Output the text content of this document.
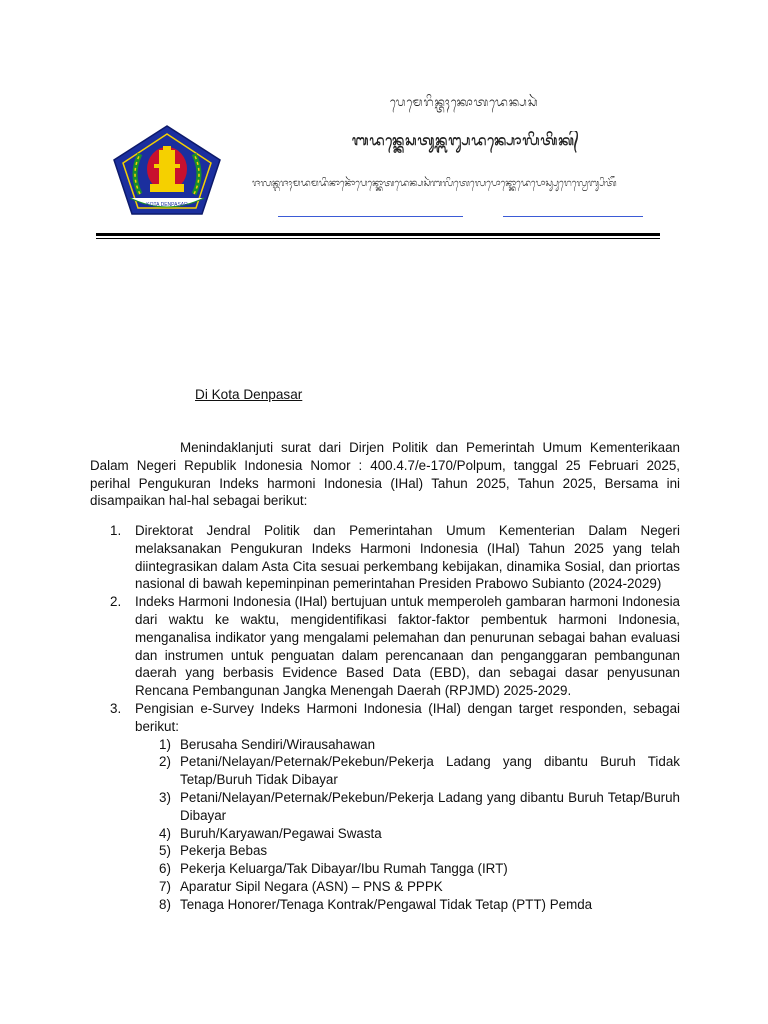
KOTA DENPASAR
ᬧᬾᬫᬾᬭᬶᬦ᭄ᬢᬄᬓᭀᬢᬤᬾᬦ᭄ᬧᬲᬃ
ᬩᬤᬦ᭄ᬓᬾᬲᬢᬸᬦ᭄ᬩᬗ᭄ᬲᬤᬦ᭄ᬧᭀᬮᬶᬢᬶᬓ᭄
ᬚᬮᬦ᭄ᬕᬚᬄᬫᬤᬫᬤᬶᬦᬵᬦᭀᬃᬧᬾᬦ᭄ᬓᭀᬢᬤᬾᬦ᭄ᬧᬲᬃᬩᬮᬶᬢᬾᬮᬾᬧᭀᬦ᭄ᬓᭀᬤᬾᬧᭀᬲ᭄ᬲᬸᬭᬾᬮ᭄ᬯᬾᬩ᭄ᬲᬶᬢᭂ
Di Kota Denpasar
Menindaklanjuti surat dari Dirjen Politik dan Pemerintah Umum Kementerikaan Dalam Negeri Republik Indonesia Nomor : 400.4.7/e-170/Polpum, tanggal 25 Februari 2025, perihal Pengukuran Indeks harmoni Indonesia (IHal) Tahun 2025, Tahun 2025, Bersama ini disampaikan hal-hal sebagai berikut:
1.	Direktorat Jendral Politik dan Pemerintahan Umum Kementerian Dalam Negeri melaksanakan Pengukuran Indeks Harmoni Indonesia (IHal) Tahun 2025 yang telah diintegrasikan dalam Asta Cita sesuai perkembang kebijakan, dinamika Sosial, dan priortas nasional di bawah kepeminpinan pemerintahan Presiden Prabowo Subianto (2024-2029)
2.	Indeks Harmoni Indonesia (IHal) bertujuan untuk memperoleh gambaran harmoni Indonesia dari waktu ke waktu, mengidentifikasi faktor-faktor pembentuk harmoni Indonesia, menganalisa indikator yang mengalami pelemahan dan penurunan sebagai bahan evaluasi dan instrumen untuk penguatan dalam perencanaan dan penganggaran pembangunan daerah yang berbasis Evidence Based Data (EBD), dan sebagai dasar penyusunan Rencana Pembangunan Jangka Menengah Daerah (RPJMD) 2025-2029.
3.	Pengisian e-Survey Indeks Harmoni Indonesia (IHal) dengan target responden, sebagai berikut:
1) Berusaha Sendiri/Wirausahawan
2) Petani/Nelayan/Peternak/Pekebun/Pekerja Ladang yang dibantu Buruh Tidak Tetap/Buruh Tidak Dibayar
3) Petani/Nelayan/Peternak/Pekebun/Pekerja Ladang yang dibantu Buruh Tetap/Buruh Dibayar
4) Buruh/Karyawan/Pegawai Swasta
5) Pekerja Bebas
6) Pekerja Keluarga/Tak Dibayar/Ibu Rumah Tangga (IRT)
7) Aparatur Sipil Negara (ASN) – PNS & PPPK
8) Tenaga Honorer/Tenaga Kontrak/Pengawal Tidak Tetap (PTT) Pemda
